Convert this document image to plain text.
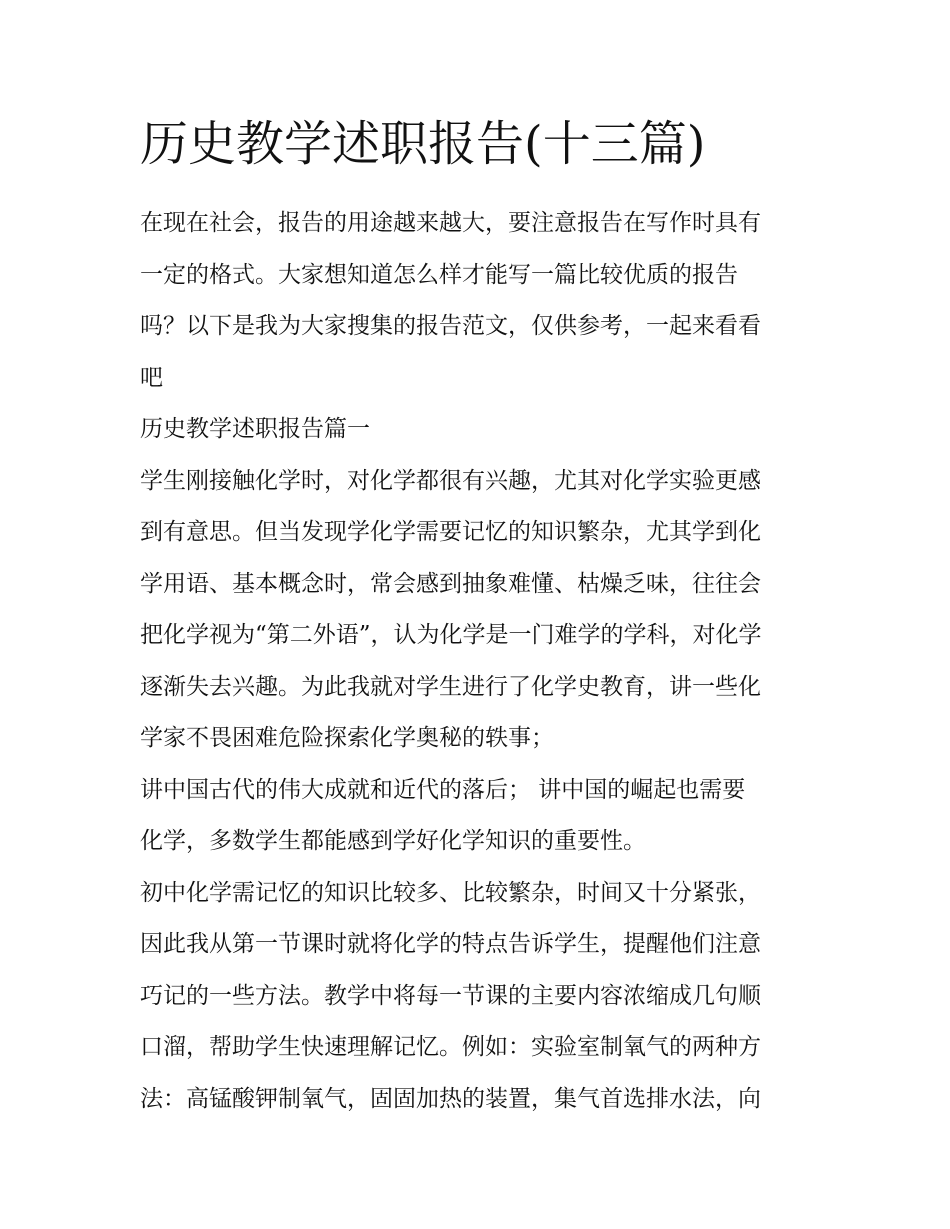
历史教学述职报告(十三篇)

在现在社会，报告的用途越来越大，要注意报告在写作时具有

一定的格式。大家想知道怎么样才能写一篇比较优质的报告

吗？以下是我为大家搜集的报告范文，仅供参考，一起来看看

吧

历史教学述职报告篇一

学生刚接触化学时，对化学都很有兴趣，尤其对化学实验更感

到有意思。但当发现学化学需要记忆的知识繁杂，尤其学到化

学用语、基本概念时，常会感到抽象难懂、枯燥乏味，往往会

把化学视为“第二外语”，认为化学是一门难学的学科，对化学

逐渐失去兴趣。为此我就对学生进行了化学史教育，讲一些化

学家不畏困难危险探索化学奥秘的轶事；

讲中国古代的伟大成就和近代的落后； 讲中国的崛起也需要

化学，多数学生都能感到学好化学知识的重要性。

初中化学需记忆的知识比较多、比较繁杂，时间又十分紧张，

因此我从第一节课时就将化学的特点告诉学生，提醒他们注意

巧记的一些方法。教学中将每一节课的主要内容浓缩成几句顺

口溜，帮助学生快速理解记忆。例如：实验室制氧气的两种方

法：高锰酸钾制氧气，固固加热的装置，集气首选排水法，向
